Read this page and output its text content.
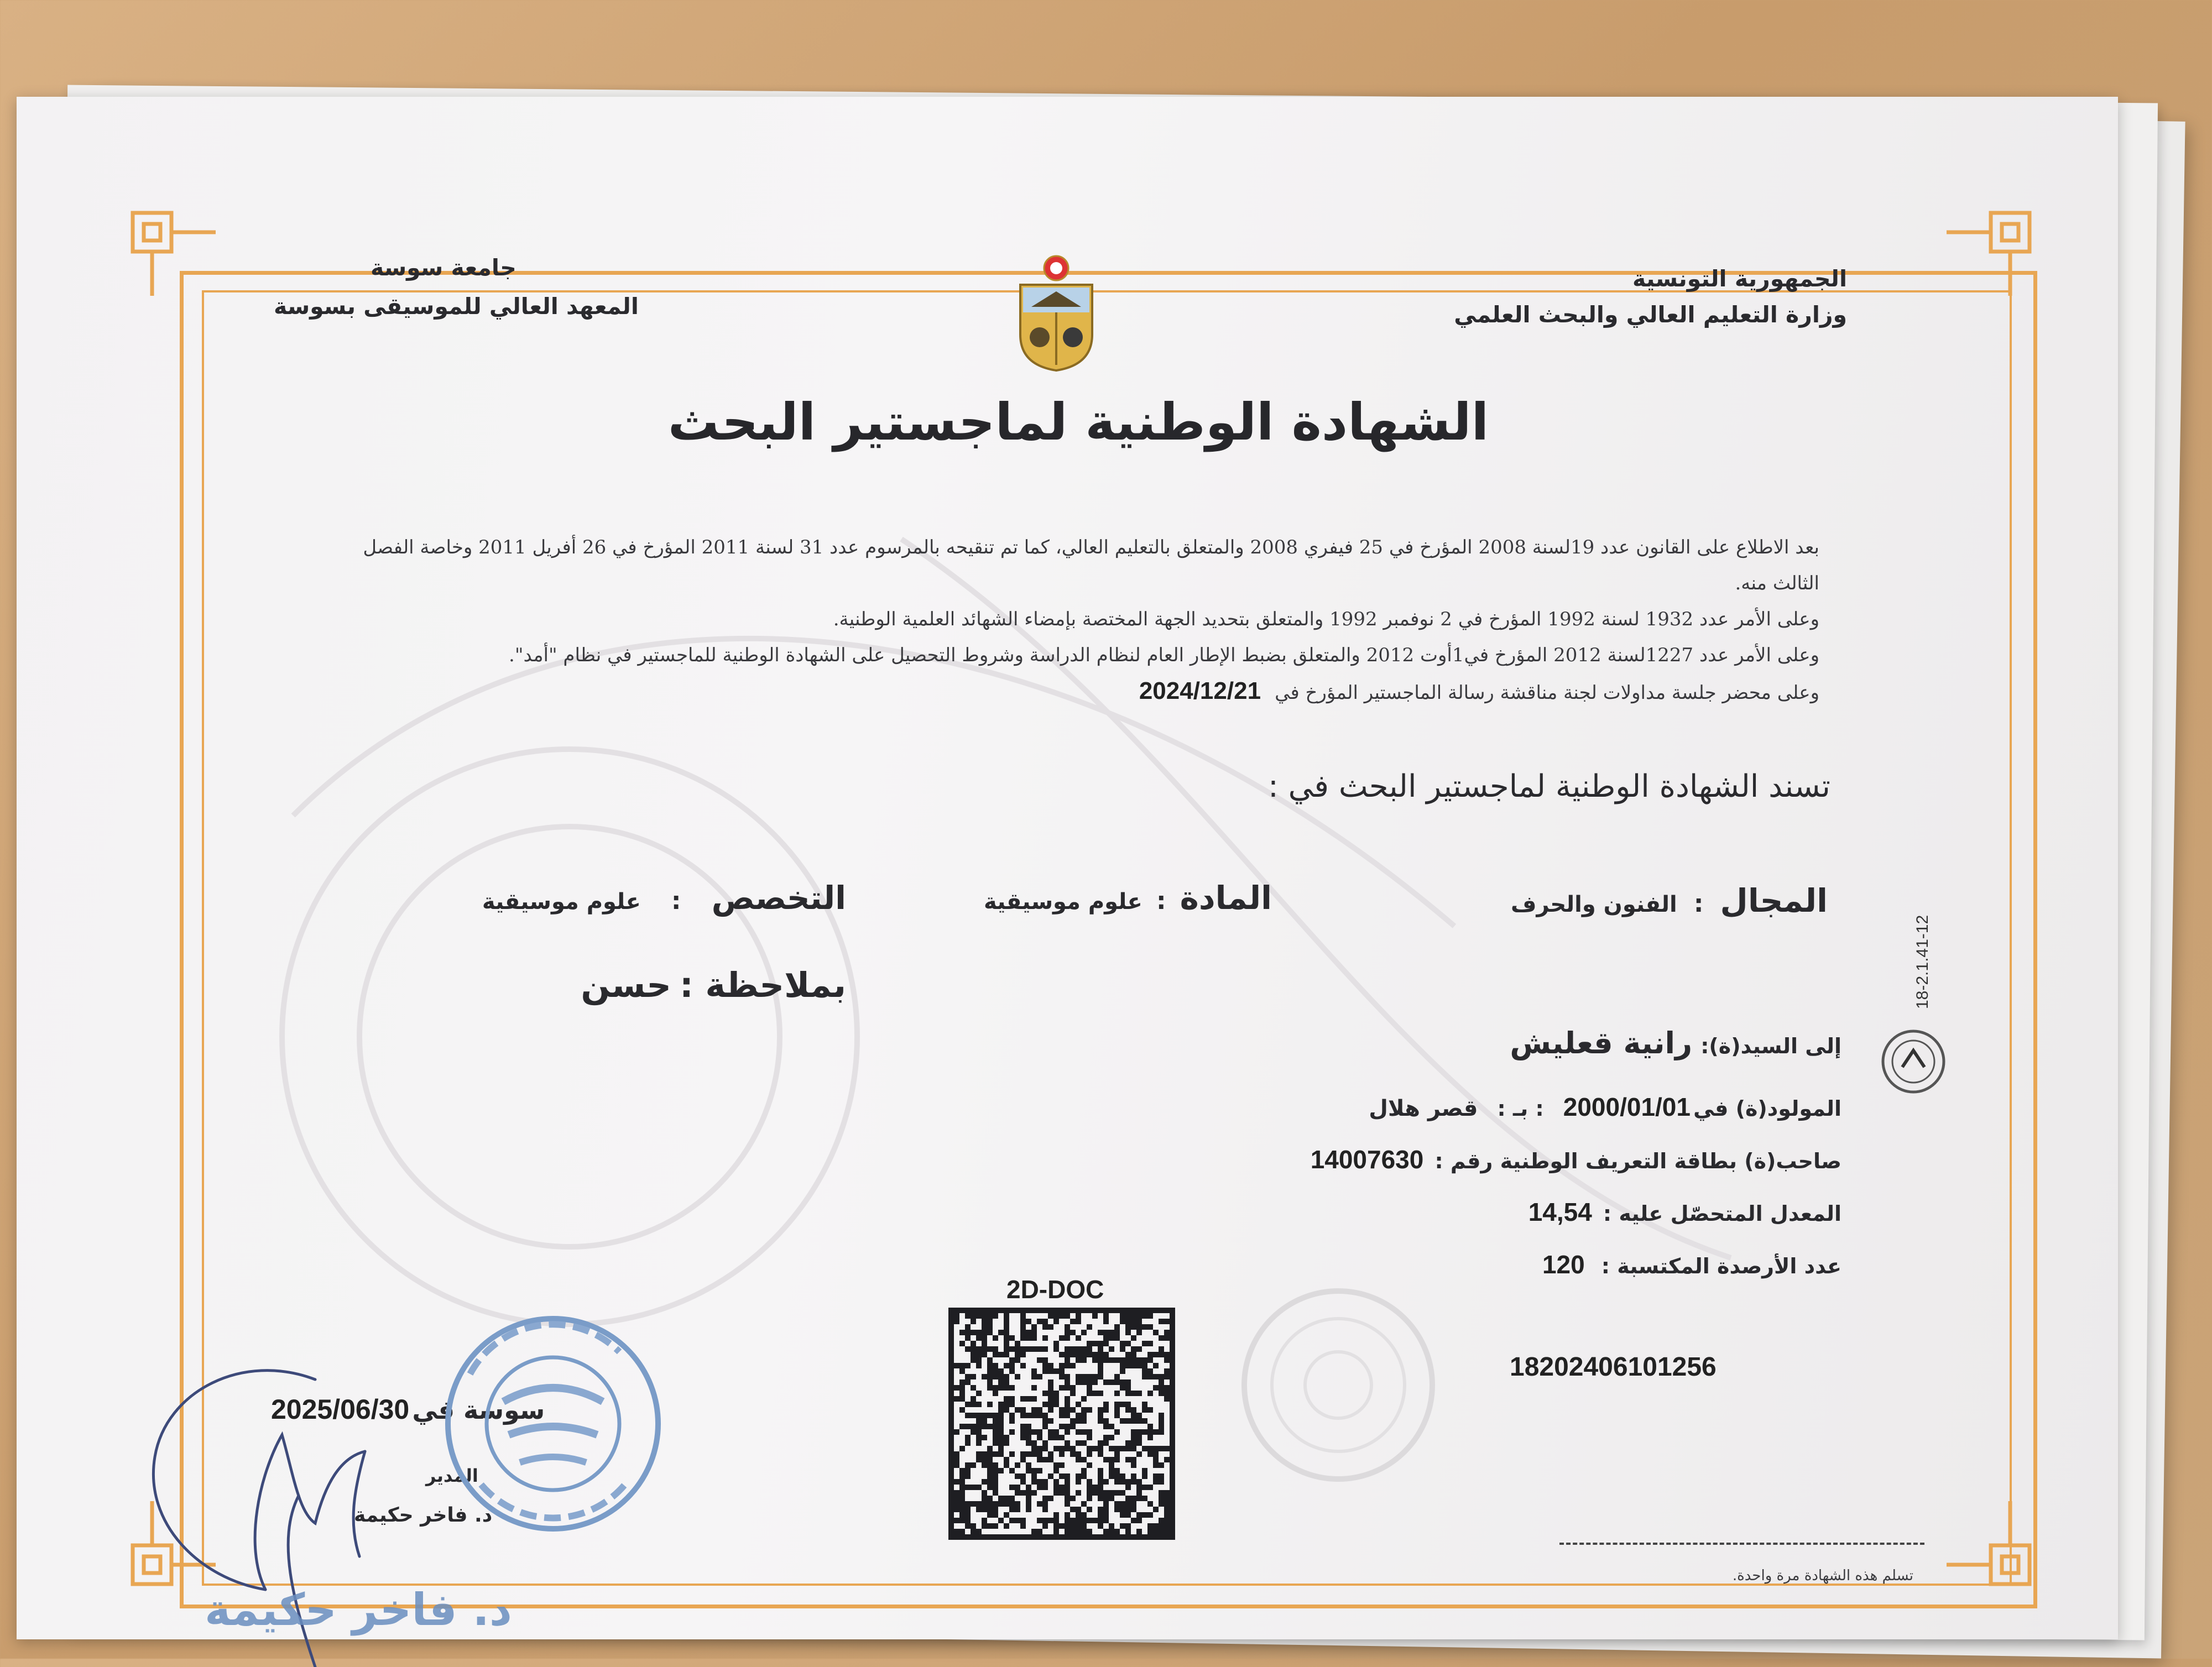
الجمهورية التونسية
وزارة التعليم العالي والبحث العلمي
جامعة سوسة
المعهد العالي للموسيقى بسوسة
الشهادة الوطنية لماجستير البحث
بعد الاطلاع على القانون عدد 19لسنة 2008 المؤرخ في 25 فيفري 2008 والمتعلق بالتعليم العالي، كما تم تنقيحه بالمرسوم عدد 31 لسنة 2011 المؤرخ في 26 أفريل 2011 وخاصة الفصل
الثالث منه.
وعلى الأمر عدد 1932 لسنة 1992 المؤرخ في 2 نوفمبر 1992 والمتعلق بتحديد الجهة المختصة بإمضاء الشهائد العلمية الوطنية.
وعلى الأمر عدد 1227لسنة 2012 المؤرخ في1أوت 2012 والمتعلق بضبط الإطار العام لنظام الدراسة وشروط التحصيل على الشهادة الوطنية للماجستير في نظام "أمد".
وعلى محضر جلسة مداولات لجنة مناقشة رسالة الماجستير المؤرخ في 2024/12/21
تسند الشهادة الوطنية لماجستير البحث في :
18-2.1.41-12
المجال : الفنون والحرف
المادة : علوم موسيقية
التخصص : علوم موسيقية
بملاحظة : حسن
إلى السيد(ة): رانية قعليش
المولود(ة) في 2000/01/01 : بـ : قصر هلال
صاحب(ة) بطاقة التعريف الوطنية رقم : 14007630
المعدل المتحصّل عليه : 14,54
عدد الأرصدة المكتسبة : 120
18202406101256
2D-DOC
تسلم هذه الشهادة مرة واحدة.
سوسة في 2025/06/30
المدير
د. فاخر حكيمة
د. فاخر حكيمة
